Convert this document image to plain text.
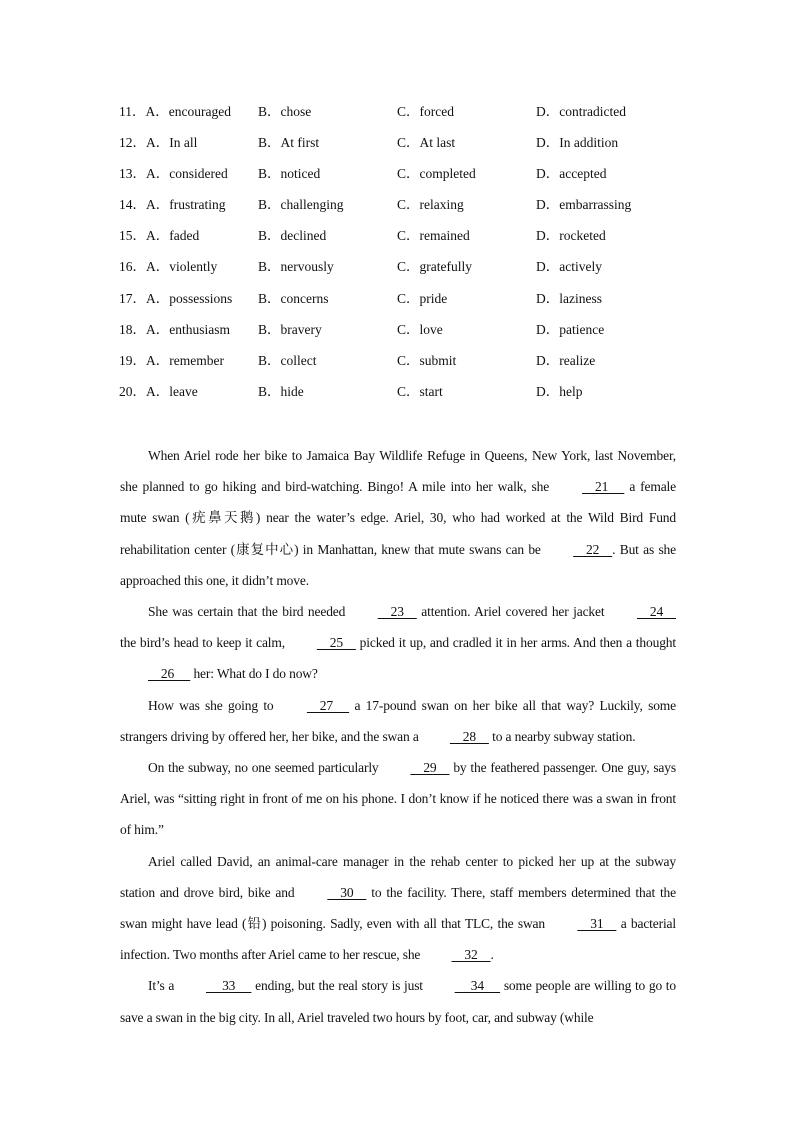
11．A．encouraged B．chose	C．forced	D．contradicted
12．A．In all	B．At first	C．At last	D．In addition
13．A．considered B．noticed	C．completed	D．accepted
14．A．frustrating B．challenging	C．relaxing	D．embarrassing
15．A．faded	B．declined	C．remained	D．rocketed
16．A．violently	B．nervously	C．gratefully	D．actively
17．A．possessions B．concerns	C．pride	D．laziness
18．A．enthusiasm B．bravery	C．love	D．patience
19．A．remember	B．collect	C．submit	D．realize
20．A．leave	B．hide	C．start	D．help

When Ariel rode her bike to Jamaica Bay Wildlife Refuge in Queens, New York, last November, she planned to go hiking and bird-watching. Bingo! A mile into her walk, she     21      a female mute swan (疣鼻天鹅) near the water’s edge. Ariel, 30, who had worked at the Wild Bird Fund rehabilitation center (康复中心) in Manhattan, knew that mute swans can be     22    . But as she approached this one, it didn’t move.

She was certain that the bird needed     23     attention. Ariel covered her jacket     24     the bird’s head to keep it calm,     25     picked it up, and cradled it in her arms. And then a thought     26      her: What do I do now?

How was she going to     27      a 17-pound swan on her bike all that way? Luckily, some strangers driving by offered her, her bike, and the swan a     28     to a nearby subway station.

On the subway, no one seemed particularly     29     by the feathered passenger. One guy, says Ariel, was “sitting right in front of me on his phone. I don’t know if he noticed there was a swan in front of him.”

Ariel called David, an animal-care manager in the rehab center to picked her up at the subway station and drove bird, bike and     30     to the facility. There, staff members determined that the swan might have lead (铅) poisoning. Sadly, even with all that TLC, the swan     31     a bacterial infection. Two months after Ariel came to her rescue, she     32    .

It’s a      33      ending, but the real story is just      34      some people are willing to go to save a swan in the big city. In all, Ariel traveled two hours by foot, car, and subway (while
